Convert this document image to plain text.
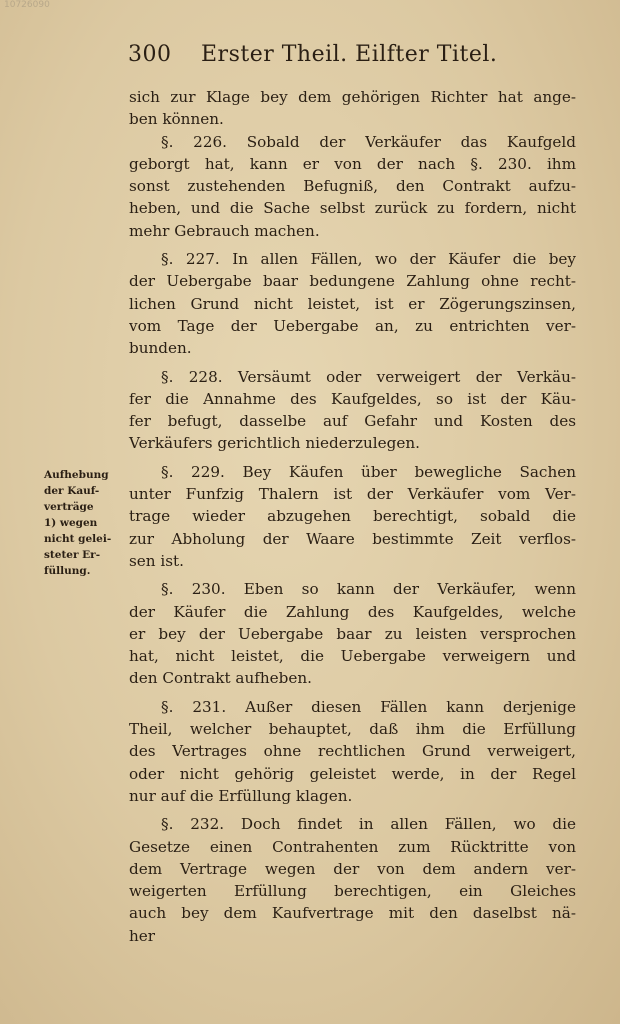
10726090
300 Erster Theil. Eilfter Titel.
Aufhebung
der Kauf-
verträge
1) wegen
nicht gelei-
steter Er-
füllung.
sich zur Klage bey dem gehörigen Richter hat ange-
ben können.
§. 226. Sobald der Verkäufer das Kaufgeld
geborgt hat, kann er von der nach §. 230. ihm
sonst zustehenden Befugniß, den Contrakt aufzu-
heben, und die Sache selbst zurück zu fordern, nicht
mehr Gebrauch machen.
§. 227. In allen Fällen, wo der Käufer die bey
der Uebergabe baar bedungene Zahlung ohne recht-
lichen Grund nicht leistet, ist er Zögerungszinsen,
vom Tage der Uebergabe an, zu entrichten ver-
bunden.
§. 228. Versäumt oder verweigert der Verkäu-
fer die Annahme des Kaufgeldes, so ist der Käu-
fer befugt, dasselbe auf Gefahr und Kosten des
Verkäufers gerichtlich niederzulegen.
§. 229. Bey Käufen über bewegliche Sachen
unter Funfzig Thalern ist der Verkäufer vom Ver-
trage wieder abzugehen berechtigt, sobald die
zur Abholung der Waare bestimmte Zeit verflos-
sen ist.
§. 230. Eben so kann der Verkäufer, wenn
der Käufer die Zahlung des Kaufgeldes, welche
er bey der Uebergabe baar zu leisten versprochen
hat, nicht leistet, die Uebergabe verweigern und
den Contrakt aufheben.
§. 231. Außer diesen Fällen kann derjenige
Theil, welcher behauptet, daß ihm die Erfüllung
des Vertrages ohne rechtlichen Grund verweigert,
oder nicht gehörig geleistet werde, in der Regel
nur auf die Erfüllung klagen.
§. 232. Doch findet in allen Fällen, wo die
Gesetze einen Contrahenten zum Rücktritte von
dem Vertrage wegen der von dem andern ver-
weigerten Erfüllung berechtigen, ein Gleiches
auch bey dem Kaufvertrage mit den daselbst nä-
her
